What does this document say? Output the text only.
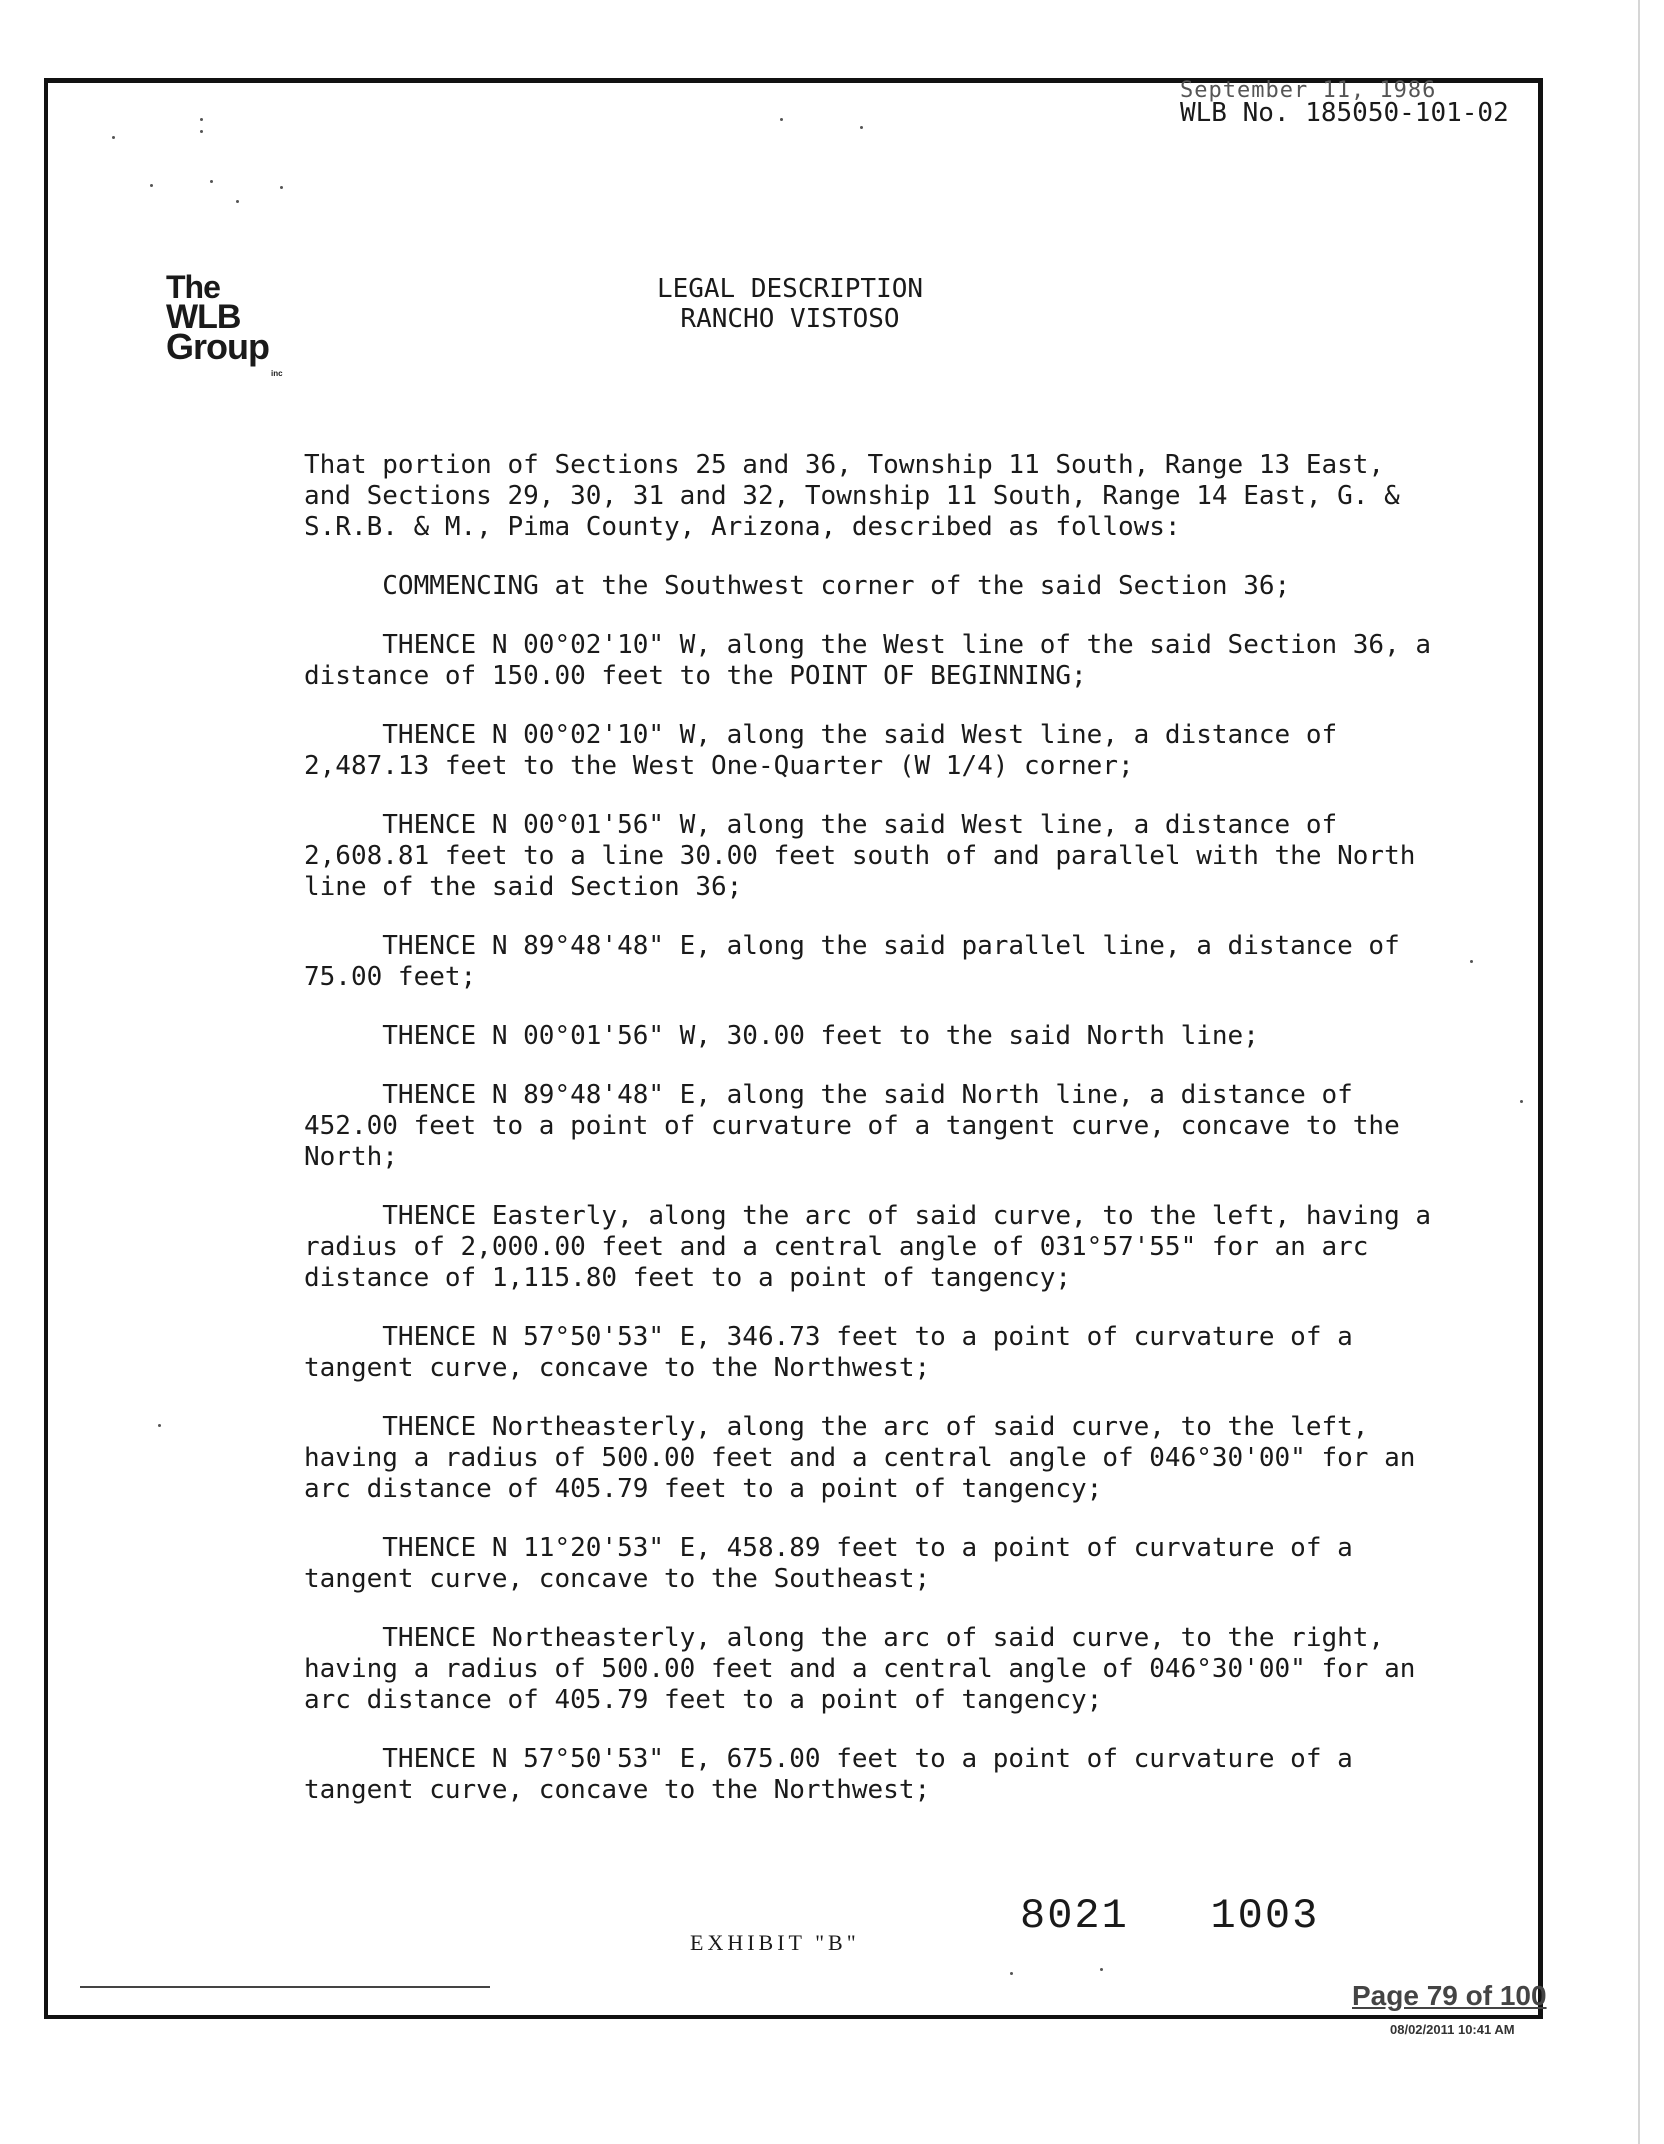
September 11, 1986
WLB No. 185050-101-02
The
WLB
Group
inc
LEGAL DESCRIPTION
RANCHO VISTOSO

That portion of Sections 25 and 36, Township 11 South, Range 13 East,
and Sections 29, 30, 31 and 32, Township 11 South, Range 14 East, G. &
S.R.B. & M., Pima County, Arizona, described as follows:

COMMENCING at the Southwest corner of the said Section 36;

THENCE N 00°02'10" W, along the West line of the said Section 36, a
distance of 150.00 feet to the POINT OF BEGINNING;

THENCE N 00°02'10" W, along the said West line, a distance of
2,487.13 feet to the West One-Quarter (W 1/4) corner;

THENCE N 00°01'56" W, along the said West line, a distance of
2,608.81 feet to a line 30.00 feet south of and parallel with the North
line of the said Section 36;

THENCE N 89°48'48" E, along the said parallel line, a distance of
75.00 feet;

THENCE N 00°01'56" W, 30.00 feet to the said North line;

THENCE N 89°48'48" E, along the said North line, a distance of
452.00 feet to a point of curvature of a tangent curve, concave to the
North;

THENCE Easterly, along the arc of said curve, to the left, having a
radius of 2,000.00 feet and a central angle of 031°57'55" for an arc
distance of 1,115.80 feet to a point of tangency;

THENCE N 57°50'53" E, 346.73 feet to a point of curvature of a
tangent curve, concave to the Northwest;

THENCE Northeasterly, along the arc of said curve, to the left,
having a radius of 500.00 feet and a central angle of 046°30'00" for an
arc distance of 405.79 feet to a point of tangency;

THENCE N 11°20'53" E, 458.89 feet to a point of curvature of a
tangent curve, concave to the Southeast;

THENCE Northeasterly, along the arc of said curve, to the right,
having a radius of 500.00 feet and a central angle of 046°30'00" for an
arc distance of 405.79 feet to a point of tangency;

THENCE N 57°50'53" E, 675.00 feet to a point of curvature of a
tangent curve, concave to the Northwest;

EXHIBIT "B"
8021 1003
Page 79 of 100
08/02/2011 10:41 AM
